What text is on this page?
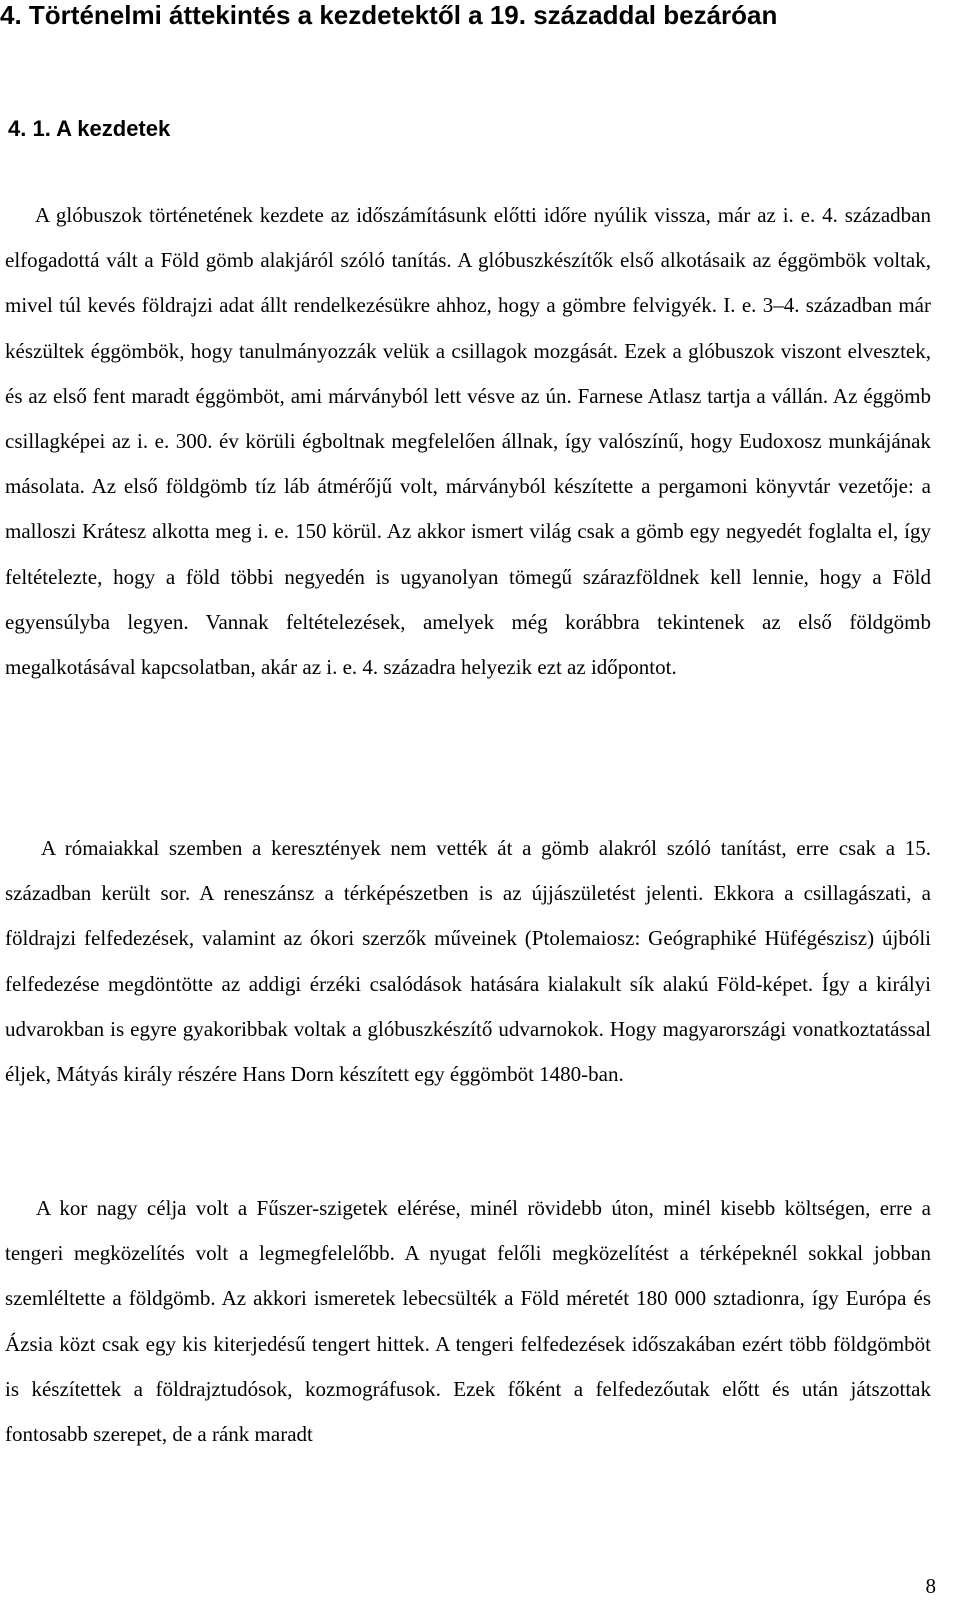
4. Történelmi áttekintés a kezdetektől a 19. századdal bezáróan
4. 1. A kezdetek

A glóbuszok történetének kezdete az időszámításunk előtti időre nyúlik vissza, már az i. e. 4. században elfogadottá vált a Föld gömb alakjáról szóló tanítás. A glóbuszkészítők első alkotásaik az éggömbök voltak, mivel túl kevés földrajzi adat állt rendelkezésükre ahhoz, hogy a gömbre felvigyék. I. e. 3–4. században már készültek éggömbök, hogy tanulmányozzák velük a csillagok mozgását. Ezek a glóbuszok viszont elvesztek, és az első fent maradt éggömböt, ami márványból lett vésve az ún. Farnese Atlasz tartja a vállán. Az éggömb csillagképei az i. e. 300. év körüli égboltnak megfelelően állnak, így valószínű, hogy Eudoxosz munkájának másolata. Az első földgömb tíz láb átmérőjű volt, márványból készítette a pergamoni könyvtár vezetője: a malloszi Krátesz alkotta meg i. e. 150 körül. Az akkor ismert világ csak a gömb egy negyedét foglalta el, így feltételezte, hogy a föld többi negyedén is ugyanolyan tömegű szárazföldnek kell lennie, hogy a Föld egyensúlyba legyen. Vannak feltételezések, amelyek még korábbra tekintenek az első földgömb megalkotásával kapcsolatban, akár az i. e. 4. századra helyezik ezt az időpontot.

A rómaiakkal szemben a keresztények nem vették át a gömb alakról szóló tanítást, erre csak a 15. században került sor. A reneszánsz a térképészetben is az újjászületést jelenti. Ekkora a csillagászati, a földrajzi felfedezések, valamint az ókori szerzők műveinek (Ptolemaiosz: Geógraphiké Hüfégészisz) újbóli felfedezése megdöntötte az addigi érzéki csalódások hatására kialakult sík alakú Föld-képet. Így a királyi udvarokban is egyre gyakoribbak voltak a glóbuszkészítő udvarnokok. Hogy magyarországi vonatkoztatással éljek, Mátyás király részére Hans Dorn készített egy éggömböt 1480-ban.

A kor nagy célja volt a Fűszer-szigetek elérése, minél rövidebb úton, minél kisebb költségen, erre a tengeri megközelítés volt a legmegfelelőbb. A nyugat felőli megközelítést a térképeknél sokkal jobban szemléltette a földgömb. Az akkori ismeretek lebecsülték a Föld méretét 180 000 sztadionra, így Európa és Ázsia közt csak egy kis kiterjedésű tengert hittek. A tengeri felfedezések időszakában ezért több földgömböt is készítettek a földrajztudósok, kozmográfusok. Ezek főként a felfedezőutak előtt és után játszottak fontosabb szerepet, de a ránk maradt

8
